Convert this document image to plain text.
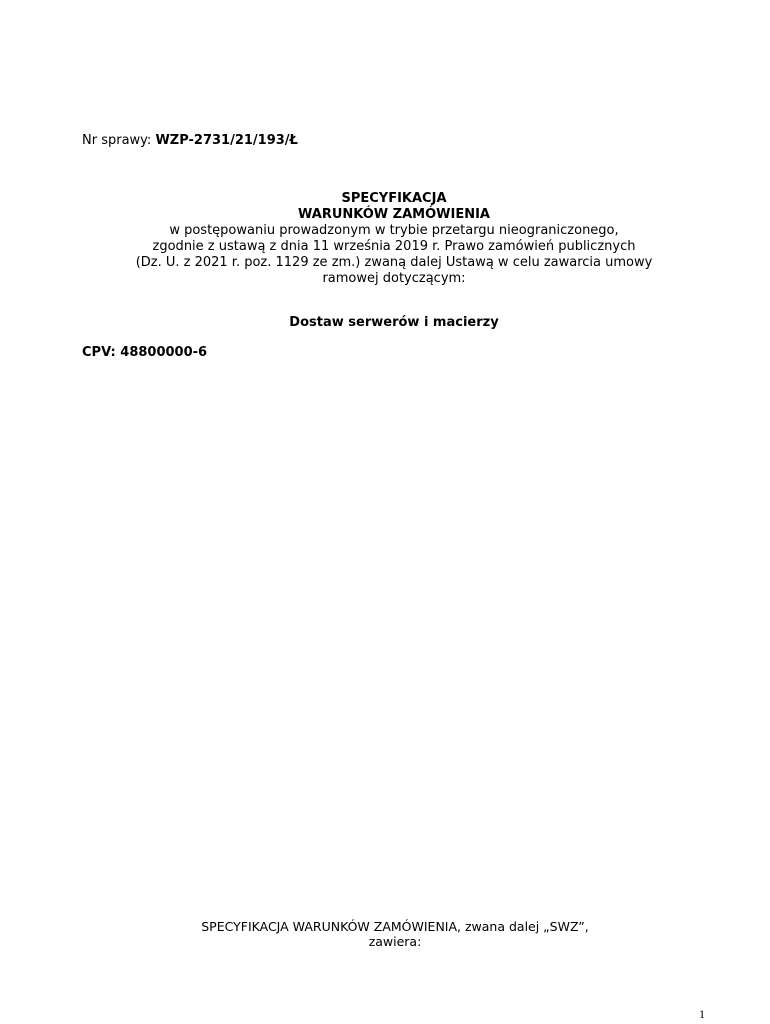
Nr sprawy: WZP-2731/21/193/Ł
SPECYFIKACJA
WARUNKÓW ZAMÓWIENIA
w postępowaniu prowadzonym w trybie przetargu nieograniczonego,
zgodnie z ustawą z dnia 11 września 2019 r. Prawo zamówień publicznych
(Dz. U. z 2021 r. poz. 1129 ze zm.) zwaną dalej Ustawą w celu zawarcia umowy
ramowej dotyczącym:
Dostaw serwerów i macierzy
CPV: 48800000-6
SPECYFIKACJA WARUNKÓW ZAMÓWIENIA, zwana dalej „SWZ”,
zawiera:
1
